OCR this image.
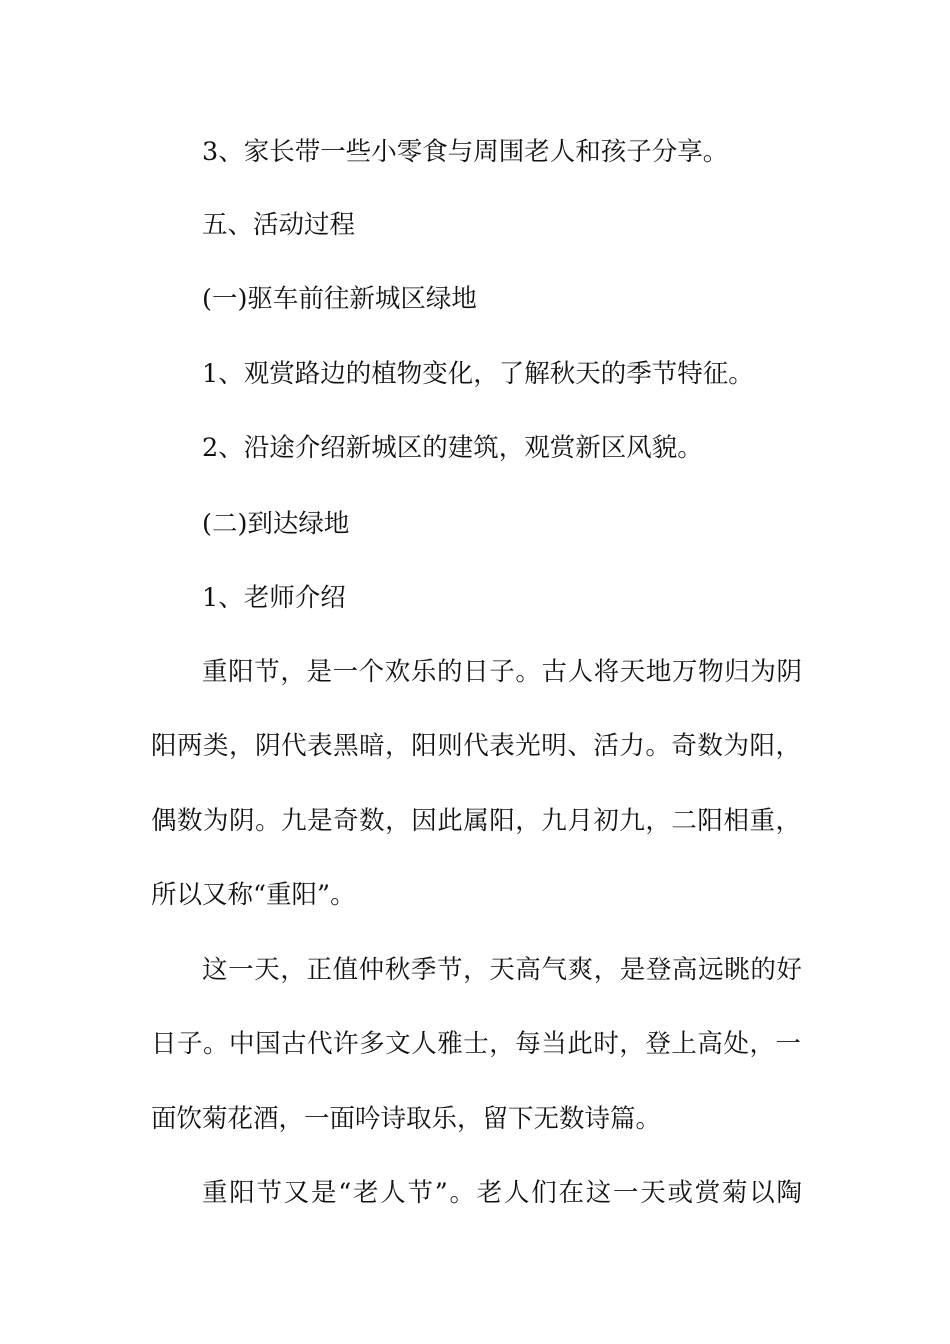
3、家长带一些小零食与周围老人和孩子分享。
五、活动过程
(一)驱车前往新城区绿地
1、观赏路边的植物变化，了解秋天的季节特征。
2、沿途介绍新城区的建筑，观赏新区风貌。
(二)到达绿地
1、老师介绍
重阳节，是一个欢乐的日子。古人将天地万物归为阴
阳两类，阴代表黑暗，阳则代表光明、活力。奇数为阳，
偶数为阴。九是奇数，因此属阳，九月初九，二阳相重，
所以又称“重阳”。
这一天，正值仲秋季节，天高气爽，是登高远眺的好
日子。中国古代许多文人雅士，每当此时，登上高处，一
面饮菊花酒，一面吟诗取乐，留下无数诗篇。
重阳节又是“老人节”。老人们在这一天或赏菊以陶
